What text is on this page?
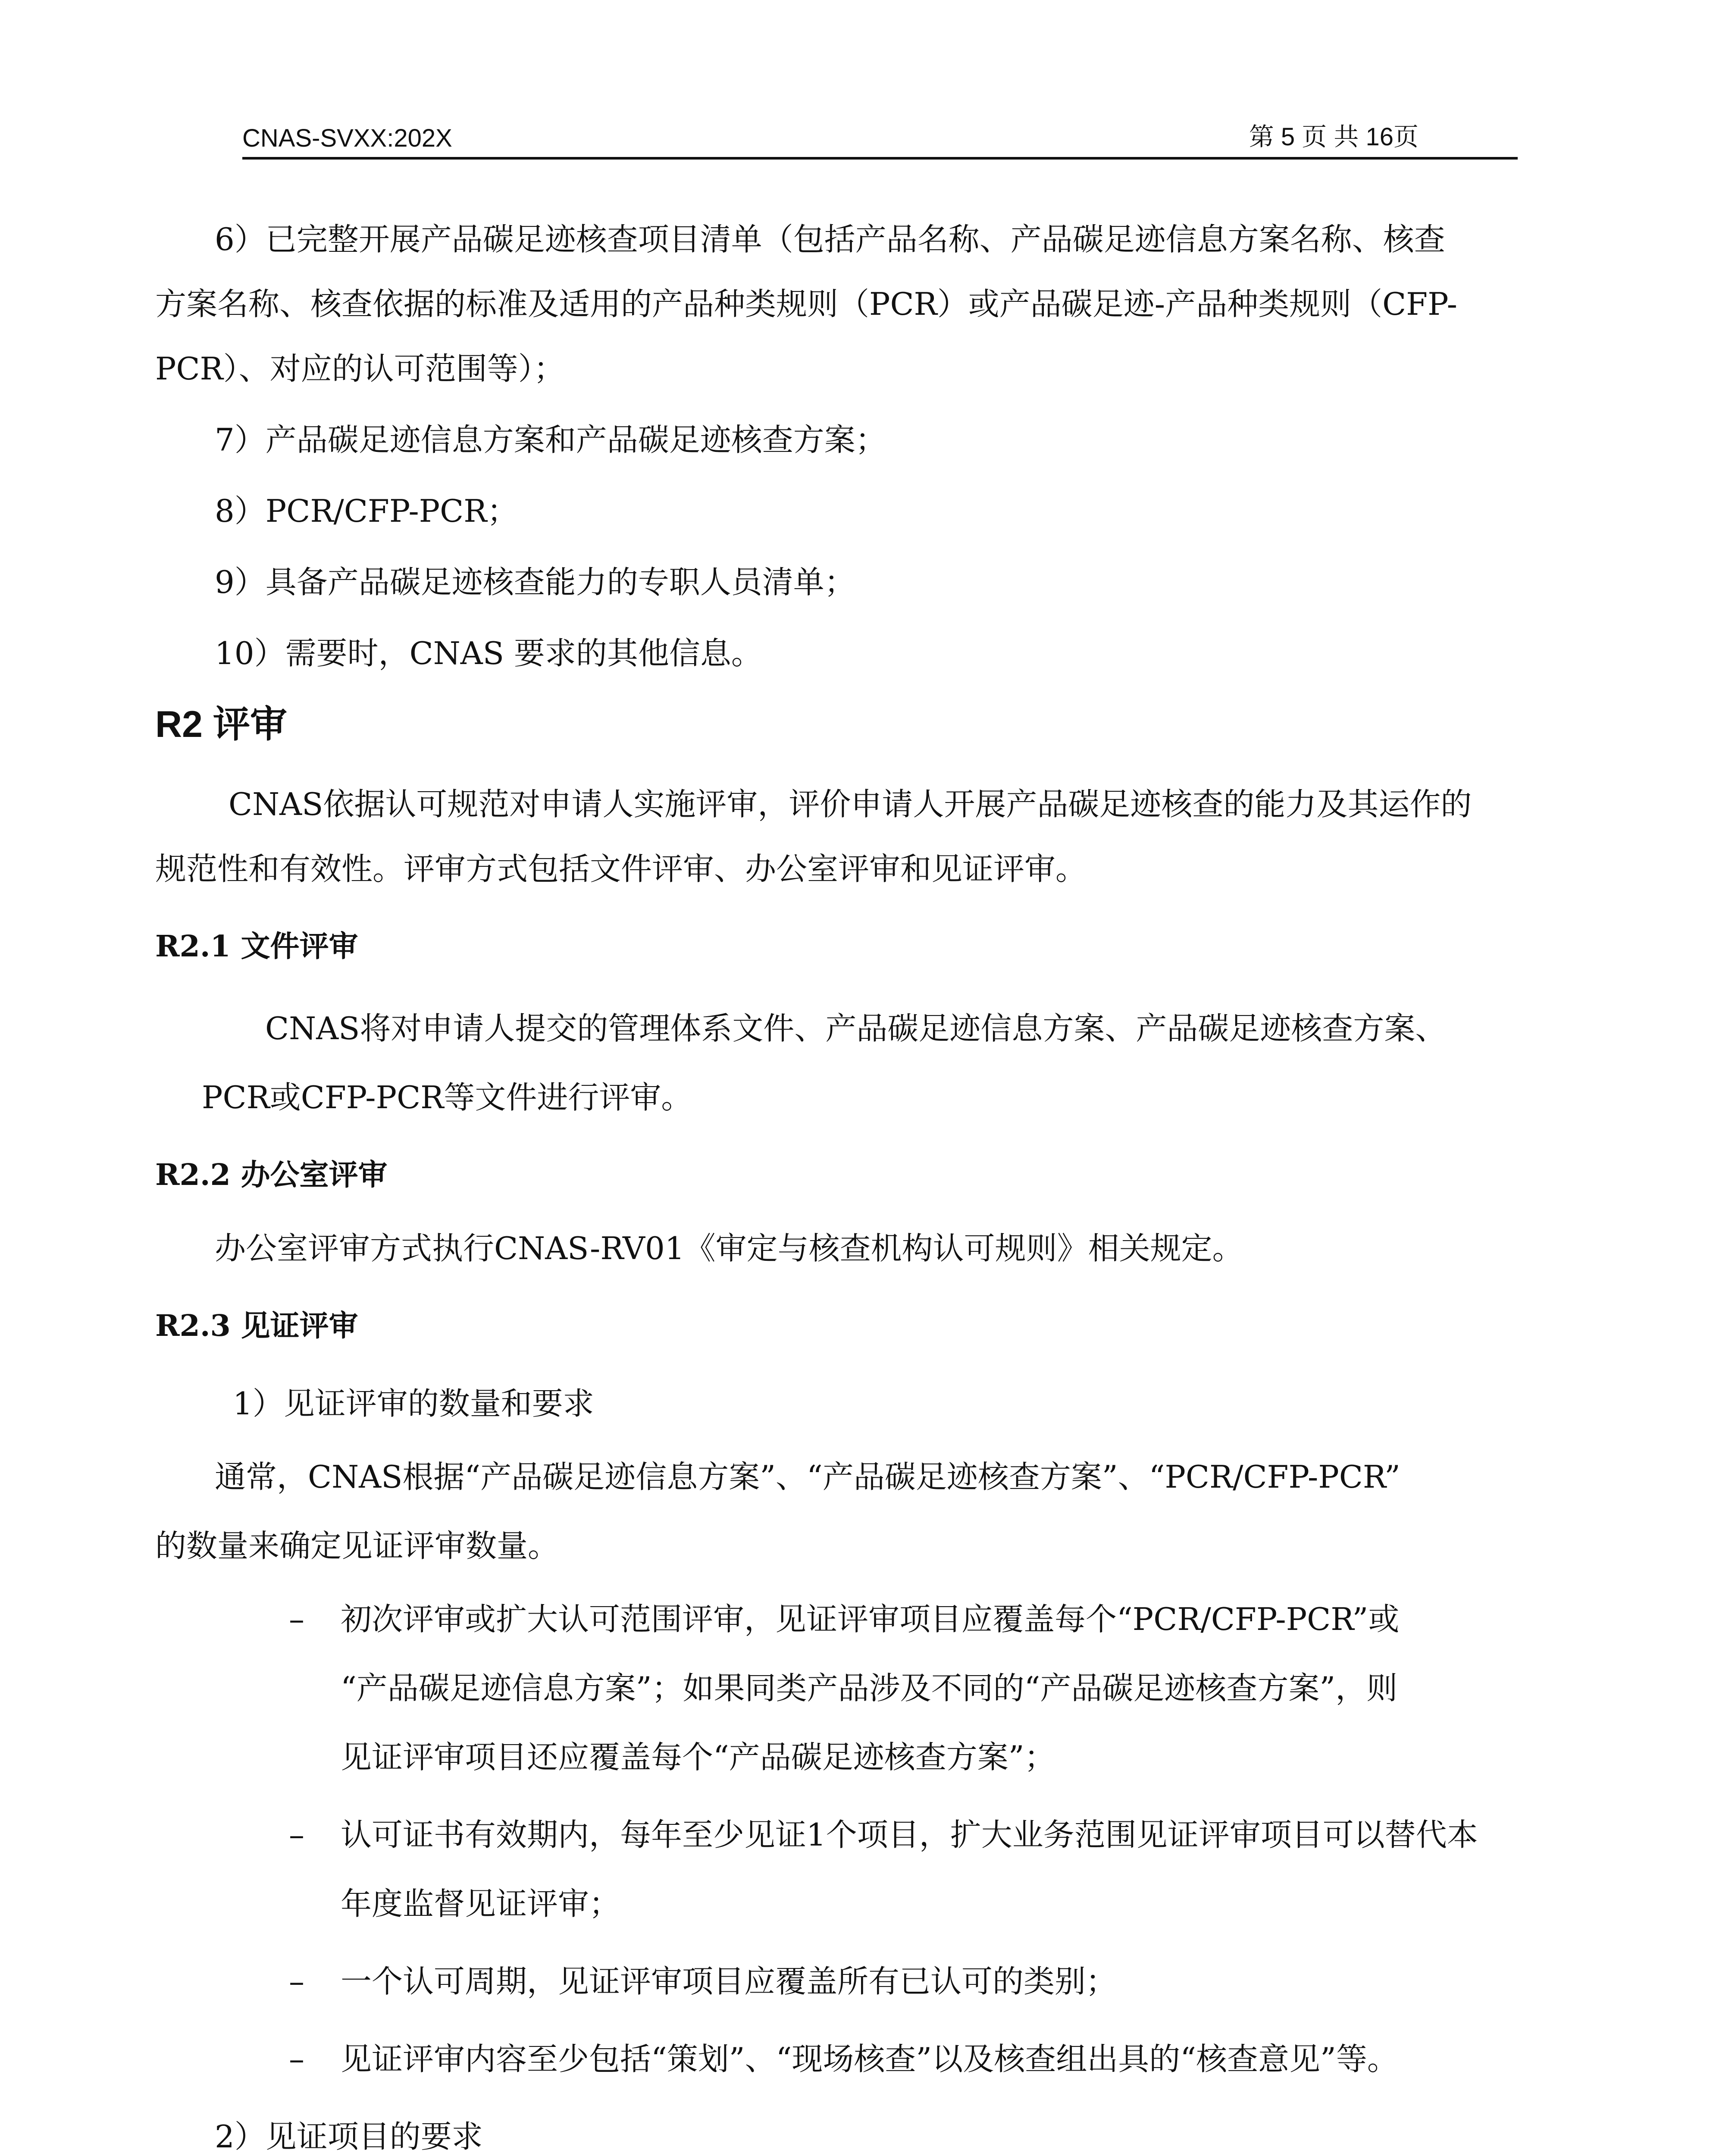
CNAS-SVXX:202X	第 5 页 共 16页
6）已完整开展产品碳足迹核查项目清单（包括产品名称、产品碳足迹信息方案名称、核查
方案名称、核查依据的标准及适用的产品种类规则（PCR）或产品碳足迹-产品种类规则（CFP-
PCR）、对应的认可范围等）；
7）产品碳足迹信息方案和产品碳足迹核查方案；
8）PCR/CFP-PCR；
9）具备产品碳足迹核查能力的专职人员清单；
10）需要时，CNAS 要求的其他信息。
R2 评审
CNAS依据认可规范对申请人实施评审，评价申请人开展产品碳足迹核查的能力及其运作的
规范性和有效性。评审方式包括文件评审、办公室评审和见证评审。
R2.1 文件评审
CNAS将对申请人提交的管理体系文件、产品碳足迹信息方案、产品碳足迹核查方案、
PCR或CFP-PCR等文件进行评审。
R2.2 办公室评审
办公室评审方式执行CNAS-RV01《审定与核查机构认可规则》相关规定。
R2.3 见证评审
1）见证评审的数量和要求
通常，CNAS根据“产品碳足迹信息方案”、“产品碳足迹核查方案”、“PCR/CFP-PCR”
的数量来确定见证评审数量。
– 初次评审或扩大认可范围评审，见证评审项目应覆盖每个“PCR/CFP-PCR”或
“产品碳足迹信息方案”；如果同类产品涉及不同的“产品碳足迹核查方案”，则
见证评审项目还应覆盖每个“产品碳足迹核查方案”；
– 认可证书有效期内，每年至少见证1个项目，扩大业务范围见证评审项目可以替代本
年度监督见证评审；
– 一个认可周期，见证评审项目应覆盖所有已认可的类别；
– 见证评审内容至少包括“策划”、“现场核查”以及核查组出具的“核查意见”等。
2）见证项目的要求
